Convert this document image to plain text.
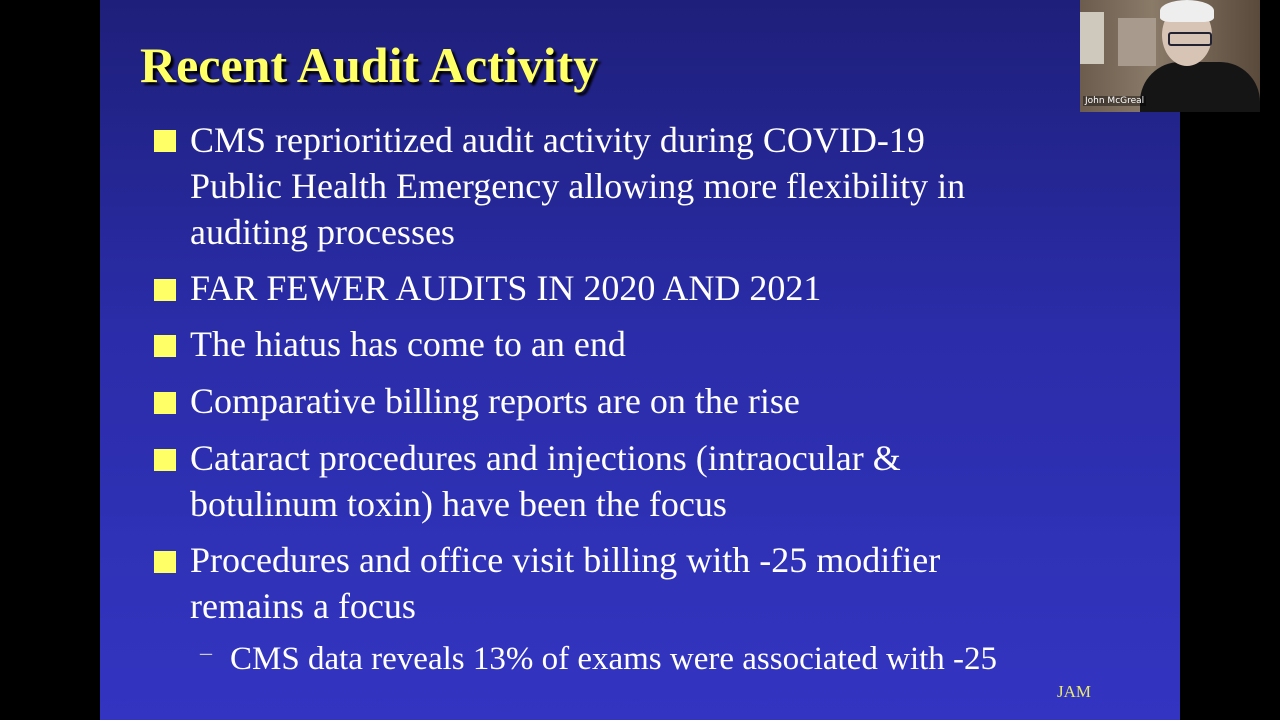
Recent Audit Activity
CMS reprioritized audit activity during COVID-19
Public Health Emergency allowing more flexibility in
auditing processes
FAR FEWER AUDITS IN 2020 AND 2021
The hiatus has come to an end
Comparative billing reports are on the rise
Cataract procedures and injections (intraocular &
botulinum toxin) have been the focus
Procedures and office visit billing with -25 modifier
remains a focus
– CMS data reveals 13% of exams were associated with -25
JAM
John McGreal
